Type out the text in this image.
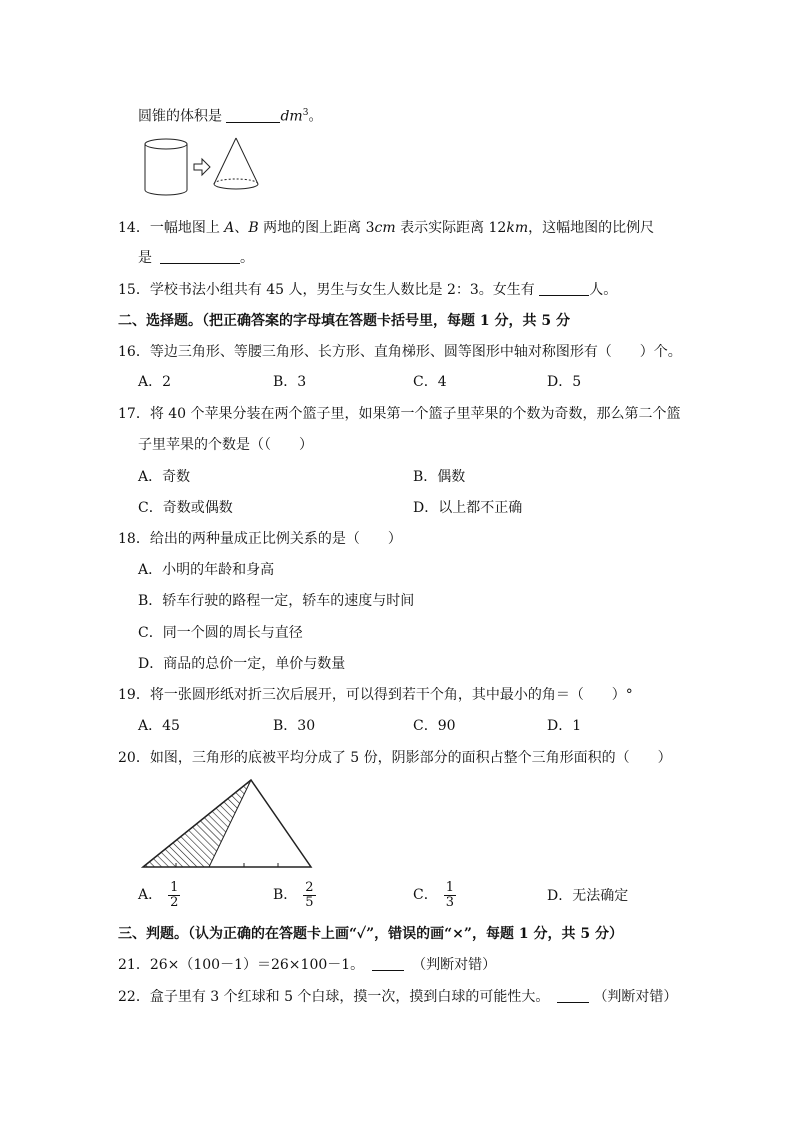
圆锥的体积是	$dm^3$。
14．一幅地图上 A、B 两地的图上距离 3cm 表示实际距离 12km，这幅地图的比例尺
是	。
15．学校书法小组共有 45 人，男生与女生人数比是 2：3。女生有	人。
二、选择题。（把正确答案的字母填在答题卡括号里，每题 1 分，共 5 分
16．等边三角形、等腰三角形、长方形、直角梯形、圆等图形中轴对称图形有（　　）个。
A．2	B．3	C．4	D．5
17．将 40 个苹果分装在两个篮子里，如果第一个篮子里苹果的个数为奇数，那么第二个篮
子里苹果的个数是（（　　）
A．奇数	B．偶数
C．奇数或偶数	D．以上都不正确
18．给出的两种量成正比例关系的是（　　）
A．小明的年龄和身高
B．轿车行驶的路程一定，轿车的速度与时间
C．同一个圆的周长与直径
D．商品的总价一定，单价与数量
19．将一张圆形纸对折三次后展开，可以得到若干个角，其中最小的角＝（　　）°
A．45	B．30	C．90	D．1
20．如图，三角形的底被平均分成了 5 份，阴影部分的面积占整个三角形面积的（　　）
A． $\frac{1}{2}$	B． $\frac{2}{5}$	C． $\frac{1}{3}$	D．无法确定
三、判题。（认为正确的在答题卡上画“✓”，错误的画“×”，每题 1 分，共 5 分）
21．26×（100－1）＝26×100－1。	（判断对错）
22．盒子里有 3 个红球和 5 个白球，摸一次，摸到白球的可能性大。	（判断对错）
